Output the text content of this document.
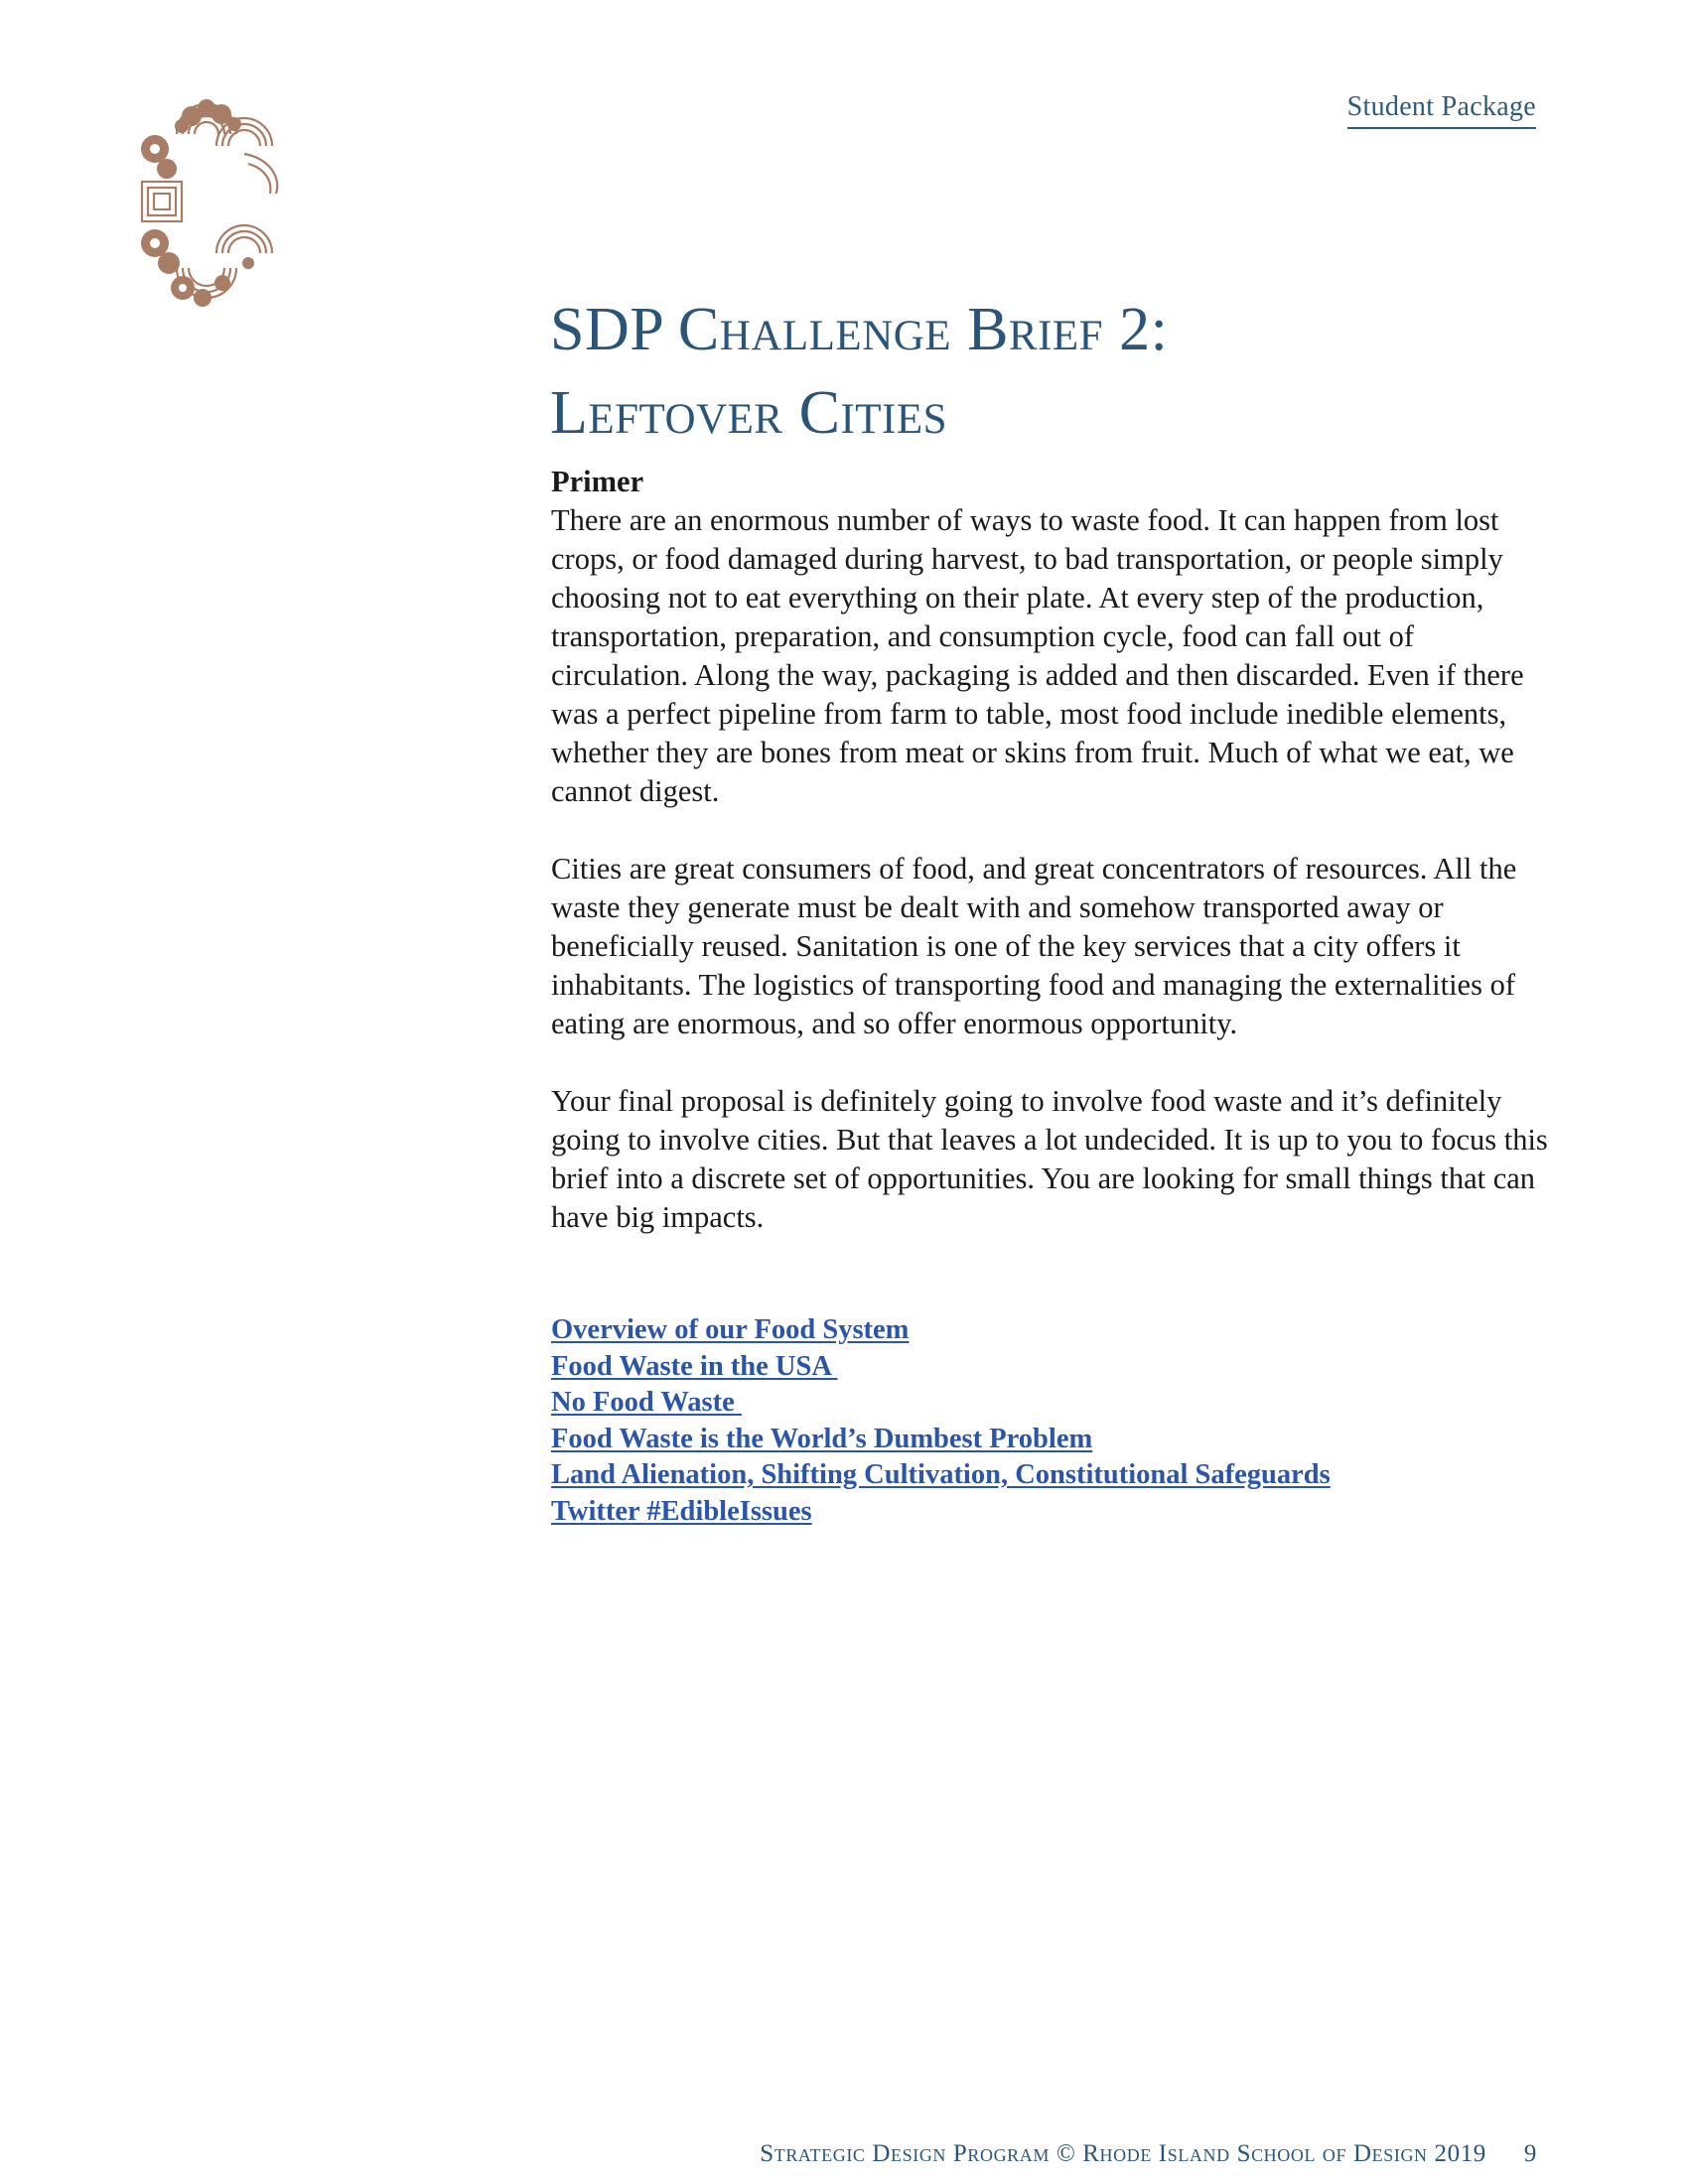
Student Package
SDP Challenge Brief 2:
Leftover Cities

Primer

There are an enormous number of ways to waste food. It can happen from lost crops, or food damaged during harvest, to bad transportation, or people simply choosing not to eat everything on their plate. At every step of the production, transportation, preparation, and consumption cycle, food can fall out of circulation. Along the way, packaging is added and then discarded. Even if there was a perfect pipeline from farm to table, most food include inedible elements, whether they are bones from meat or skins from fruit. Much of what we eat, we cannot digest.

Cities are great consumers of food, and great concentrators of resources. All the waste they generate must be dealt with and somehow transported away or beneficially reused. Sanitation is one of the key services that a city offers it inhabitants. The logistics of transporting food and managing the externalities of eating are enormous, and so offer enormous opportunity.

Your final proposal is definitely going to involve food waste and it’s definitely going to involve cities. But that leaves a lot undecided. It is up to you to focus this brief into a discrete set of opportunities. You are looking for small things that can have big impacts.

Overview of our Food System
Food Waste in the USA
No Food Waste
Food Waste is the World’s Dumbest Problem
Land Alienation, Shifting Cultivation, Constitutional Safeguards
Twitter #EdibleIssues
Strategic Design Program © Rhode Island School of Design 2019 9
